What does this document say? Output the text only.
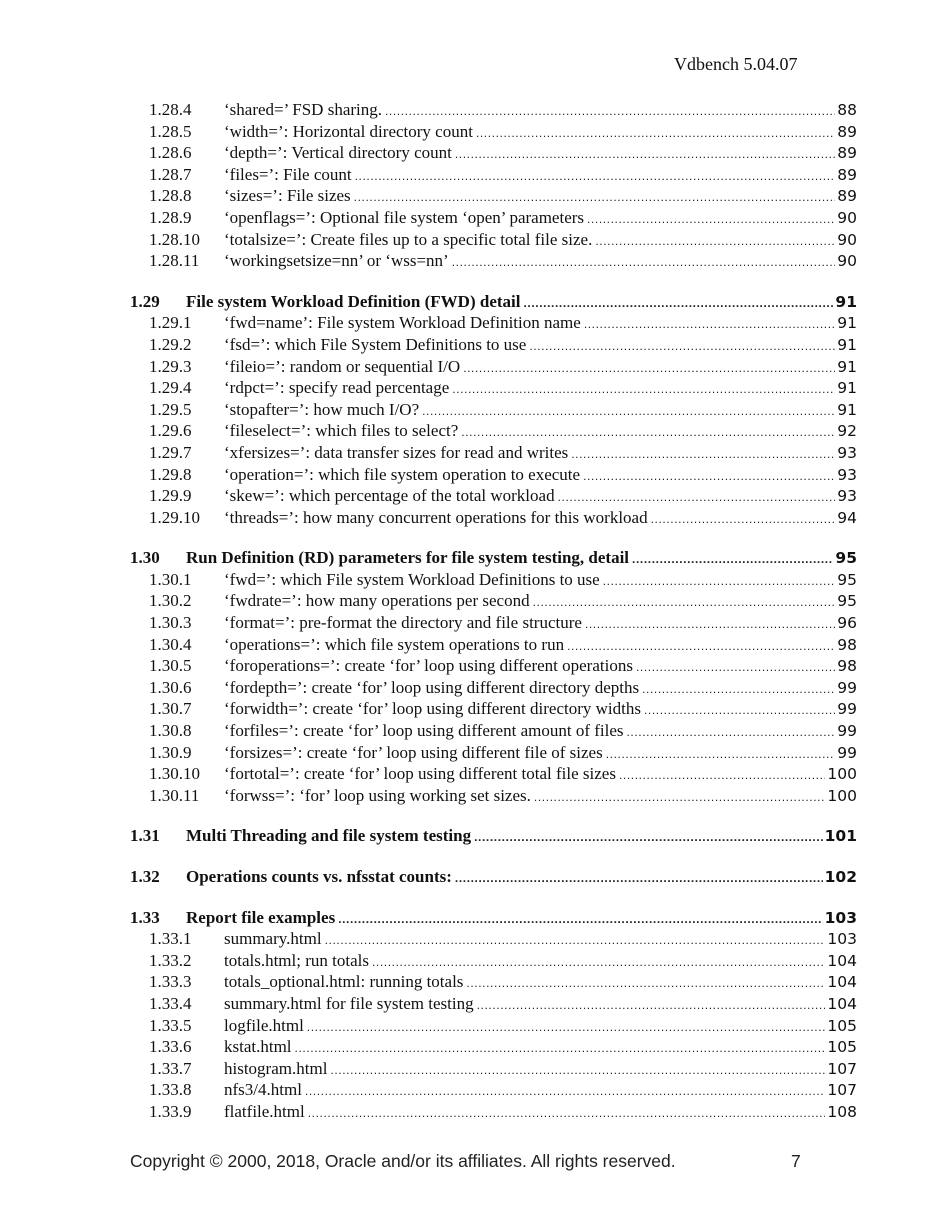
Vdbench 5.04.07
1.28.4	‘shared=’ FSD sharing. .....	88
1.28.5	‘width=’: Horizontal directory count .....	89
1.28.6	‘depth=’: Vertical directory count .....	89
1.28.7	‘files=’: File count .....	89
1.28.8	‘sizes=’: File sizes .....	89
1.28.9	‘openflags=’: Optional file system ‘open’ parameters .....	90
1.28.10	‘totalsize=’: Create files up to a specific total file size. .....	90
1.28.11	‘workingsetsize=nn’ or ‘wss=nn’ .....	90
1.29	File system Workload Definition (FWD) detail .....	91
1.29.1	‘fwd=name’: File system Workload Definition name .....	91
1.29.2	‘fsd=’: which File System Definitions to use .....	91
1.29.3	‘fileio=’: random or sequential I/O .....	91
1.29.4	‘rdpct=’: specify read percentage .....	91
1.29.5	‘stopafter=’: how much I/O? .....	91
1.29.6	‘fileselect=’: which files to select? .....	92
1.29.7	‘xfersizes=’: data transfer sizes for read and writes .....	93
1.29.8	‘operation=’: which file system operation to execute .....	93
1.29.9	‘skew=’: which percentage of the total workload .....	93
1.29.10	‘threads=’: how many concurrent operations for this workload .....	94
1.30	Run Definition (RD) parameters for file system testing, detail .....	95
1.30.1	‘fwd=’: which File system Workload Definitions to use .....	95
1.30.2	‘fwdrate=’: how many operations per second .....	95
1.30.3	‘format=’: pre-format the directory and file structure .....	96
1.30.4	‘operations=’: which file system operations to run .....	98
1.30.5	‘foroperations=’: create ‘for’ loop using different operations .....	98
1.30.6	‘fordepth=’: create ‘for’ loop using different directory depths .....	99
1.30.7	‘forwidth=’: create ‘for’ loop using different directory widths .....	99
1.30.8	‘forfiles=’: create ‘for’ loop using different amount of files .....	99
1.30.9	‘forsizes=’: create ‘for’ loop using different file of sizes .....	99
1.30.10	‘fortotal=’: create ‘for’ loop using different total file sizes .....	100
1.30.11	‘forwss=’: ‘for’ loop using working set sizes. .....	100
1.31	Multi Threading and file system testing .....	101
1.32	Operations counts vs. nfsstat counts: .....	102
1.33	Report file examples .....	103
1.33.1	summary.html .....	103
1.33.2	totals.html; run totals .....	104
1.33.3	totals_optional.html: running totals .....	104
1.33.4	summary.html for file system testing .....	104
1.33.5	logfile.html .....	105
1.33.6	kstat.html .....	105
1.33.7	histogram.html .....	107
1.33.8	nfs3/4.html .....	107
1.33.9	flatfile.html .....	108
Copyright © 2000, 2018, Oracle and/or its affiliates. All rights reserved.	7
